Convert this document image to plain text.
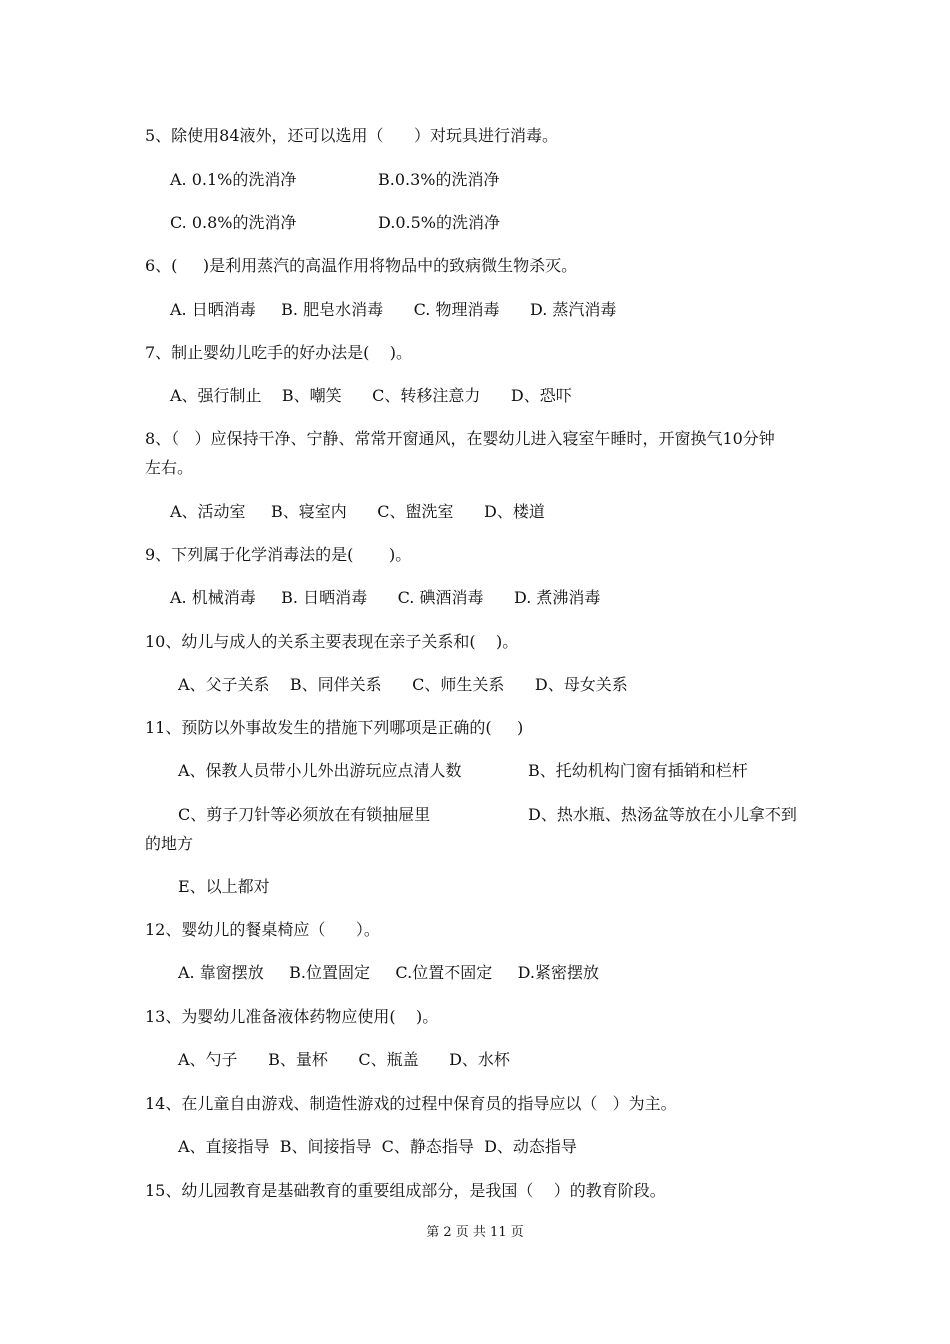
5、除使用84液外，还可以选用（      ）对玩具进行消毒。
A. 0.1%的洗消净	B.0.3%的洗消净
C. 0.8%的洗消净	D.0.5%的洗消净
6、(     )是利用蒸汽的高温作用将物品中的致病微生物杀灭。
A. 日晒消毒     B. 肥皂水消毒      C. 物理消毒      D. 蒸汽消毒
7、制止婴幼儿吃手的好办法是(    )。
A、强行制止    B、嘲笑      C、转移注意力      D、恐吓
8、（   ）应保持干净、宁静、常常开窗通风，在婴幼儿进入寝室午睡时，开窗换气10分钟
左右。
A、活动室     B、寝室内      C、盥洗室      D、楼道
9、下列属于化学消毒法的是(       )。
A. 机械消毒     B. 日晒消毒      C. 碘酒消毒      D. 煮沸消毒
10、幼儿与成人的关系主要表现在亲子关系和(    )。
A、父子关系    B、同伴关系      C、师生关系      D、母女关系
11、预防以外事故发生的措施下列哪项是正确的(     )
A、保教人员带小儿外出游玩应点清人数	B、托幼机构门窗有插销和栏杆
C、剪子刀针等必须放在有锁抽屉里	D、热水瓶、热汤盆等放在小儿拿不到
的地方
E、以上都对
12、婴幼儿的餐桌椅应（      ）。
A. 靠窗摆放     B.位置固定     C.位置不固定     D.紧密摆放
13、为婴幼儿准备液体药物应使用(    )。
A、勺子      B、量杯      C、瓶盖      D、水杯
14、在儿童自由游戏、制造性游戏的过程中保育员的指导应以（   ）为主。
A、直接指导  B、间接指导  C、静态指导  D、动态指导
15、幼儿园教育是基础教育的重要组成部分，是我国（    ）的教育阶段。
第 2 页 共 11 页
